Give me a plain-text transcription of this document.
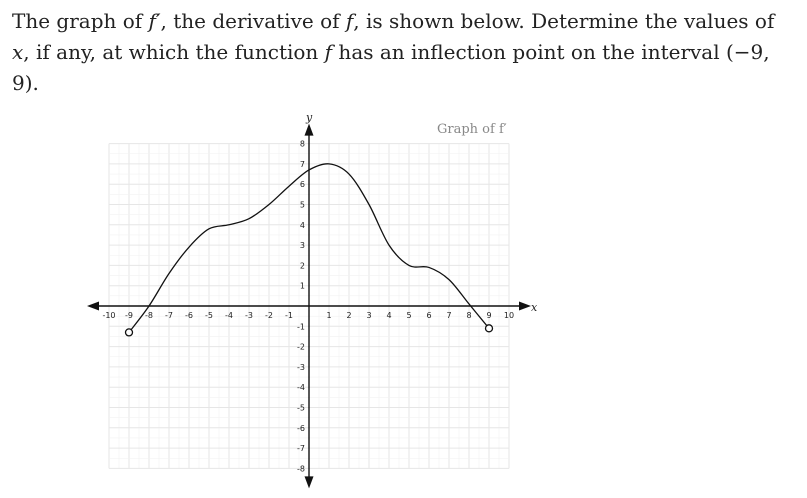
The graph of f′, the derivative of f, is shown below. Determine the values of x, if any, at which the function f has an inflection point on the interval (−9, 9).
-10 -9 -8 -7 -6 -5 -4 -3 -2 -1	1 2 3 4 5 6 7 8 9 10
-8
-7
-6
-5
-4
-3
-2
-1
1
2
3
4
5
6
7
8
Graph of f′
x
y
